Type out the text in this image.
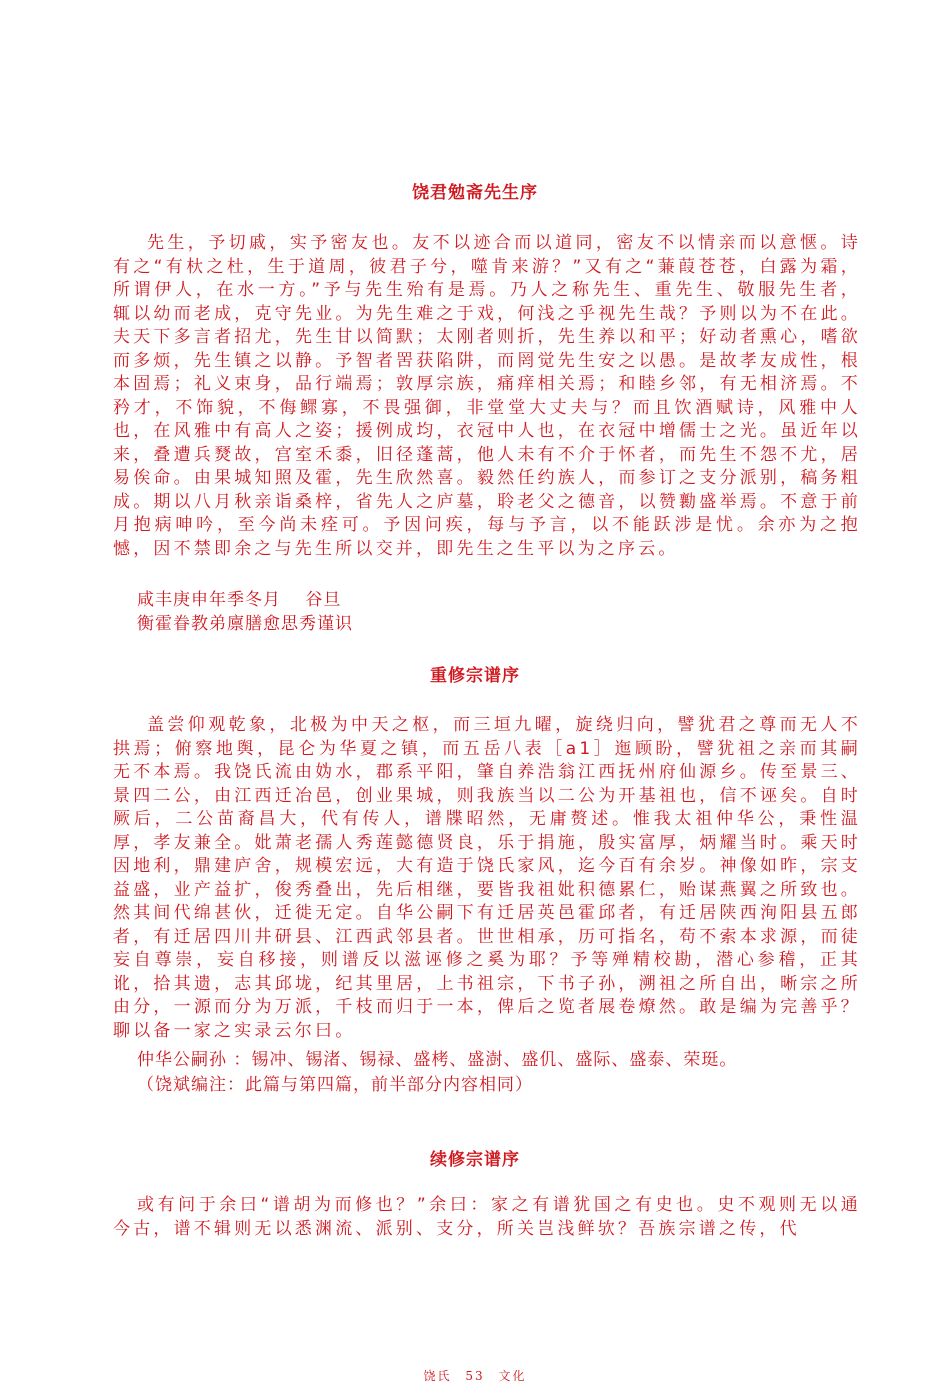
饶君勉斋先生序

先生，予切戚，实予密友也。友不以迹合而以道同，密友不以情亲而以意惬。诗有之“有杕之杜，生于道周，彼君子兮，噬肯来游？”又有之“蒹葭苍苍，白露为霜，所谓伊人，在水一方。”予与先生殆有是焉。乃人之称先生、重先生、敬服先生者，辄以幼而老成，克守先业。为先生难之于戏，何浅之乎视先生哉？予则以为不在此。夫天下多言者招尤，先生甘以简默；太刚者则折，先生养以和平；好动者熏心，嗜欲而多烦，先生镇之以静。予智者罟获陷阱，而罔觉先生安之以愚。是故孝友成性，根本固焉；礼义束身，品行端焉；敦厚宗族，痛痒相关焉；和睦乡邻，有无相济焉。不矜才，不饰貌，不侮鳏寡，不畏强御，非堂堂大丈夫与？而且饮酒赋诗，风雅中人也，在风雅中有高人之姿；援例成均，衣冠中人也，在衣冠中增儒士之光。虽近年以来，叠遭兵燹故，宫室禾黍，旧径蓬蒿，他人未有不介于怀者，而先生不怨不尤，居易俟命。由果城知照及霍，先生欣然喜。毅然任约族人，而参订之支分派别，稿务粗成。期以八月秋亲诣桑梓，省先人之庐墓，聆老父之德音，以赞勷盛举焉。不意于前月抱病呻吟，至今尚未痊可。予因问疾，每与予言，以不能跃涉是忧。余亦为之抱憾，因不禁即余之与先生所以交并，即先生之生平以为之序云。

咸丰庚申年季冬月　 谷旦
衡霍眷教弟廪膳愈思秀谨识
重修宗谱序

盖尝仰观乾象，北极为中天之枢，而三垣九曜，旋绕归向，譬犹君之尊而无人不拱焉；俯察地舆，昆仑为华夏之镇，而五岳八表［a1］迤顾盼，譬犹祖之亲而其嗣无不本焉。我饶氏流由妫水，郡系平阳，肇自养浩翁江西抚州府仙源乡。传至景三、景四二公，由江西迁冶邑，创业果城，则我族当以二公为开基祖也，信不诬矣。自时厥后，二公苗裔昌大，代有传人，谱牒昭然，无庸赘述。惟我太祖仲华公，秉性温厚，孝友兼全。妣萧老孺人秀莲懿德贤良，乐于捐施，殷实富厚，炳耀当时。乘天时因地利，鼎建庐舍，规模宏远，大有造于饶氏家风，迄今百有余岁。神像如昨，宗支益盛，业产益扩，俊秀叠出，先后相继，要皆我祖妣积德累仁，贻谋燕翼之所致也。然其间代绵甚伙，迁徙无定。自华公嗣下有迁居英邑霍邱者，有迁居陕西洵阳县五郎者，有迁居四川井研县、江西武邻县者。世世相承，历可指名，苟不索本求源，而徒妄自尊崇，妄自移接，则谱反以滋诬修之奚为耶？予等殚精校勘，潜心参稽，正其讹，拾其遗，志其邱垅，纪其里居，上书祖宗，下书子孙，溯祖之所自出，晰宗之所由分，一源而分为万派，千枝而归于一本，俾后之览者展卷燎然。敢是编为完善乎？聊以备一家之实录云尔曰。

仲华公嗣孙 ：锡冲、锡渚、锡禄、盛栲、盛澍、盛仉、盛际、盛泰、荣珽。
（饶斌编注：此篇与第四篇，前半部分内容相同）
续修宗谱序

或有问于余曰“谱胡为而修也？”余曰：家之有谱犹国之有史也。史不观则无以通今古，谱不辑则无以悉渊流、派别、支分，所关岂浅鲜欤？吾族宗谱之传，代

饶氏 53 文化
